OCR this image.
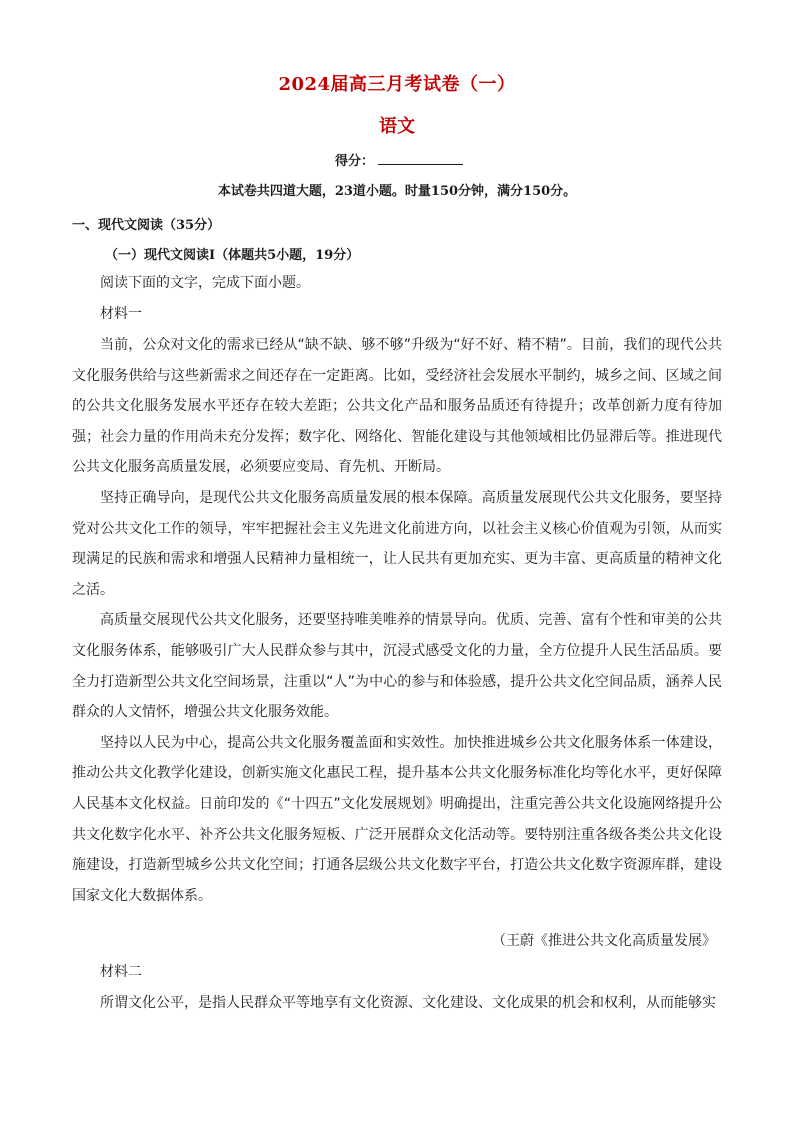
2024届高三月考试卷（一）
语文
得分：
本试卷共四道大题，23道小题。时量150分钟，满分150分。
一、现代文阅读（35分）
（一）现代文阅读Ⅰ（体题共5小题，19分）
阅读下面的文字，完成下面小题。
材料一

当前，公众对文化的需求已经从“缺不缺、够不够”升级为“好不好、精不精”。目前，我们的现代公共文化服务供给与这些新需求之间还存在一定距离。比如，受经济社会发展水平制约，城乡之间、区域之间的公共文化服务发展水平还存在较大差距；公共文化产品和服务品质还有待提升；改革创新力度有待加强；社会力量的作用尚未充分发挥；数字化、网络化、智能化建设与其他领域相比仍显滞后等。推进现代公共文化服务高质量发展，必须要应变局、育先机、开断局。

坚持正确导向，是现代公共文化服务高质量发展的根本保障。高质量发展现代公共文化服务，要坚持党对公共文化工作的领导，牢牢把握社会主义先进文化前进方向，以社会主义核心价值观为引领，从而实现满足的民族和需求和增强人民精神力量相统一，让人民共有更加充实、更为丰富、更高质量的精神文化之活。

高质量交展现代公共文化服务，还要坚持唯美唯养的情景导向。优质、完善、富有个性和审美的公共文化服务体系，能够吸引广大人民群众参与其中，沉浸式感受文化的力量，全方位提升人民生活品质。要全力打造新型公共文化空间场景，注重以“人”为中心的参与和体验感，提升公共文化空间品质，涵养人民群众的人文情怀，增强公共文化服务效能。

坚持以人民为中心，提高公共文化服务覆盖面和实效性。加快推进城乡公共文化服务体系一体建设，推动公共文化教学化建设，创新实施文化惠民工程，提升基本公共文化服务标准化均等化水平，更好保障人民基本文化权益。日前印发的《“十四五”文化发展规划》明确提出，注重完善公共文化设施网络提升公共文化数字化水平、补齐公共文化服务短板、广泛开展群众文化活动等。要特别注重各级各类公共文化设施建设，打造新型城乡公共文化空间；打通各层级公共文化数字平台，打造公共文化数字资源库群，建设国家文化大数据体系。

（王蔚《推进公共文化高质量发展》
材料二
所谓文化公平，是指人民群众平等地享有文化资源、文化建设、文化成果的机会和权利，从而能够实
